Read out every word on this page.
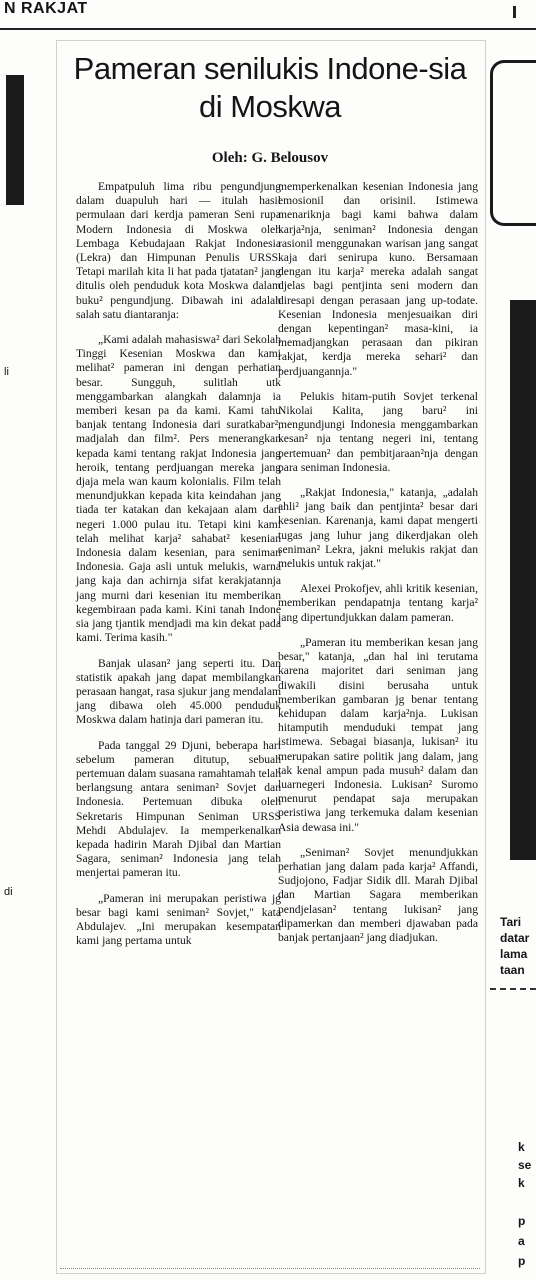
N RAKJAT
li
di
Tari
datar
lama
taan
k
se
k
p
a
p
Pameran senilukis Indone-sia di Moskwa
Oleh: G. Belousov

Empatpuluh lima ribu pengundjung dalam duapuluh hari — itulah hasil permulaan dari kerdja pameran Seni rupa Modern Indonesia di Moskwa oleh Lembaga Kebudajaan Rakjat Indonesia (Lekra) dan Himpunan Penulis URSS. Tetapi marilah kita li hat pada tjatatan² jang ditulis oleh penduduk kota Moskwa dalam buku² pengundjung. Dibawah ini adalah salah satu diantaranja:

„Kami adalah mahasiswa² dari Sekolah Tinggi Kesenian Moskwa dan kami melihat² pameran ini dengan perhatian besar. Sungguh, sulitlah utk menggambarkan alangkah dalamnja ia memberi kesan pa da kami. Kami tahu banjak tentang Indonesia dari suratkabar², madjalah dan film². Pers menerangkan kepada kami tentang rakjat Indonesia jang heroik, tentang perdjuangan mereka jang djaja mela wan kaum kolonialis. Film telah menundjukkan kepada kita keindahan jang tiada ter katakan dan kekajaan alam dari negeri 1.000 pulau itu. Tetapi kini kami telah melihat karja² sahabat² kesenian Indonesia dalam kesenian, para seniman Indonesia. Gaja asli untuk melukis, warna jang kaja dan achirnja sifat kerakjatannja jang murni dari kesenian itu memberikan kegembiraan pada kami. Kini tanah Indone sia jang tjantik mendjadi ma kin dekat pada kami. Terima kasih."

Banjak ulasan² jang seperti itu. Dan statistik apakah jang dapat membilangkan perasaan hangat, rasa sjukur jang mendalam jang dibawa oleh 45.000 penduduk Moskwa dalam hatinja dari pameran itu.

Pada tanggal 29 Djuni, beberapa hari sebelum pameran ditutup, sebuah pertemuan dalam suasana ramahtamah telah berlangsung antara seniman² Sovjet dan Indonesia. Pertemuan dibuka oleh Sekretaris Himpunan Seniman URSS Mehdi Abdulajev. Ia memperkenalkan kepada hadirin Marah Djibal dan Martian Sagara, seniman² Indonesia jang telah menjertai pameran itu.

„Pameran ini merupakan peristiwa jg besar bagi kami seniman² Sovjet," kata Abdulajev. „Ini merupakan kesempatan kami jang pertama untuk

memperkenalkan kesenian Indonesia jang emosionil dan orisinil. Istimewa menariknja bagi kami bahwa dalam karja²nja, seniman² Indonesia dengan rasionil menggunakan warisan jang sangat kaja dari senirupa kuno. Bersamaan dengan itu karja² mereka adalah sangat djelas bagi pentjinta seni modern dan diresapi dengan perasaan jang up-todate. Kesenian Indonesia menjesuaikan diri dengan kepentingan² masa-kini, ia memadjangkan perasaan dan pikiran rakjat, kerdja mereka sehari² dan perdjuangannja."

Pelukis hitam-putih Sovjet terkenal Nikolai Kalita, jang baru² ini mengundjungi Indonesia menggambarkan kesan² nja tentang negeri ini, tentang pertemuan² dan pembitjaraan²nja dengan para seniman Indonesia.

„Rakjat Indonesia," katanja, „adalah ahli² jang baik dan pentjinta² besar dari kesenian. Karenanja, kami dapat mengerti tugas jang luhur jang dikerdjakan oleh seniman² Lekra, jakni melukis rakjat dan melukis untuk rakjat."

Alexei Prokofjev, ahli kritik kesenian, memberikan pendapatnja tentang karja² jang dipertundjukkan dalam pameran.

„Pameran itu memberikan kesan jang besar," katanja, „dan hal ini terutama karena majoritet dari seniman jang diwakili disini berusaha untuk memberikan gambaran jg benar tentang kehidupan dalam karja²nja. Lukisan hitamputih menduduki tempat jang istimewa. Sebagai biasanja, lukisan² itu merupakan satire politik jang dalam, jang tak kenal ampun pada musuh² dalam dan luarnegeri Indonesia. Lukisan² Suromo menurut pendapat saja merupakan peristiwa jang terkemuka dalam kesenian Asia dewasa ini."

„Seniman² Sovjet menundjukkan perhatian jang dalam pada karja² Affandi, Sudjojono, Fadjar Sidik dll. Marah Djibal dan Martian Sagara memberikan pendjelasan² tentang lukisan² jang dipamerkan dan memberi djawaban pada banjak pertanjaan² jang diadjukan.
